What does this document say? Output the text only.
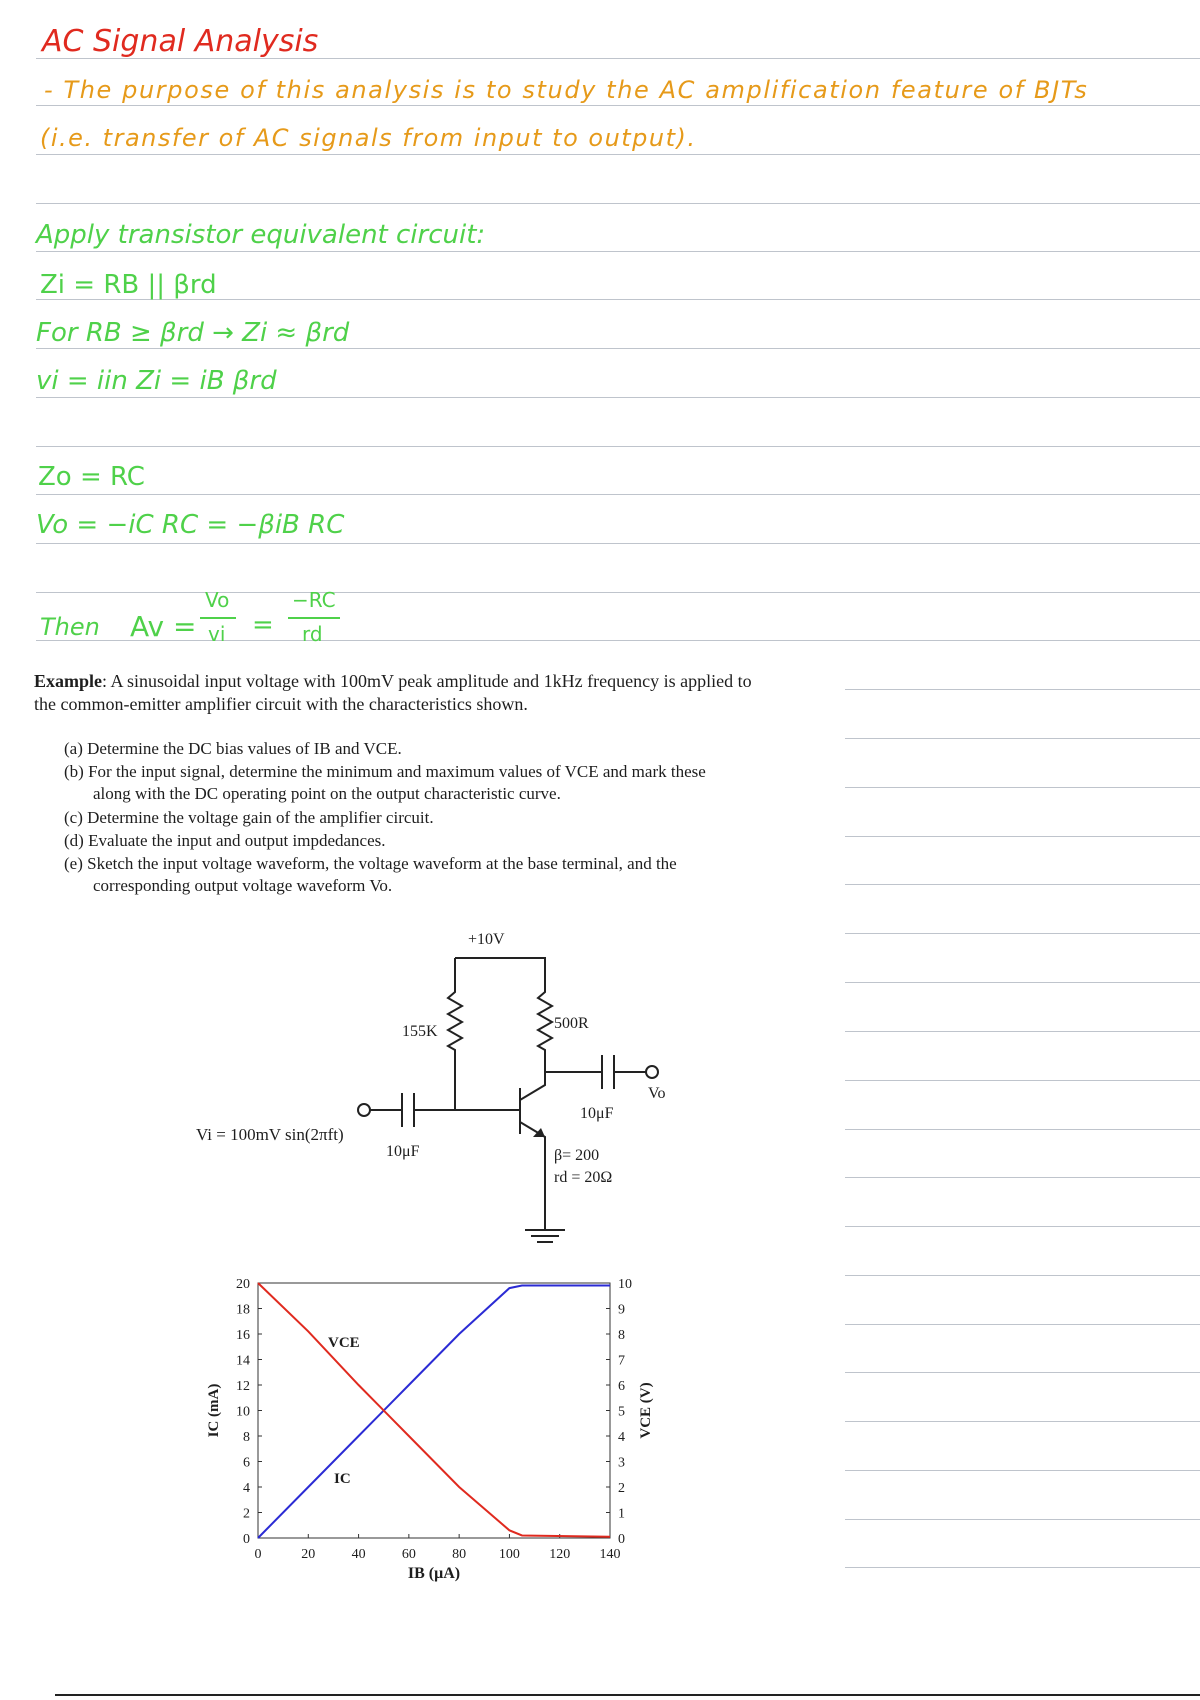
AC Signal Analysis
- The purpose of this analysis is to study the AC amplification feature of BJTs
(i.e. transfer of AC signals from input to output).
Apply transistor equivalent circuit:
Zi = RB || βrd
For RB ≥ βrd → Zi ≈ βrd
vi = iin Zi = iB βrd
Zo = RC
Vo = −iC RC = −βiB RC
Then Av =
Vo
vi =
−RC
rd
Example: A sinusoidal input voltage with 100mV peak amplitude and 1kHz frequency is applied to
the common-emitter amplifier circuit with the characteristics shown.
(a) Determine the DC bias values of IB and VCE.
(b) For the input signal, determine the minimum and maximum values of VCE and mark these
along with the DC operating point on the output characteristic curve.
(c) Determine the voltage gain of the amplifier circuit.
(d) Evaluate the input and output impdedances.
(e) Sketch the input voltage waveform, the voltage waveform at the base terminal, and the
corresponding output voltage waveform Vo.
+10V
155K	500R
Vo
10μF
Vi = 100mV sin(2πft)
10μF	β= 200
rd = 20Ω
0	20	40	60	80 100 120 140
0
2
4
6
8
10
12
14
16
18
20
0
1
2
3
4
5
6
7
8
9
10
VCE
IC
IB (μA)
IC (mA)	VCE (V)
